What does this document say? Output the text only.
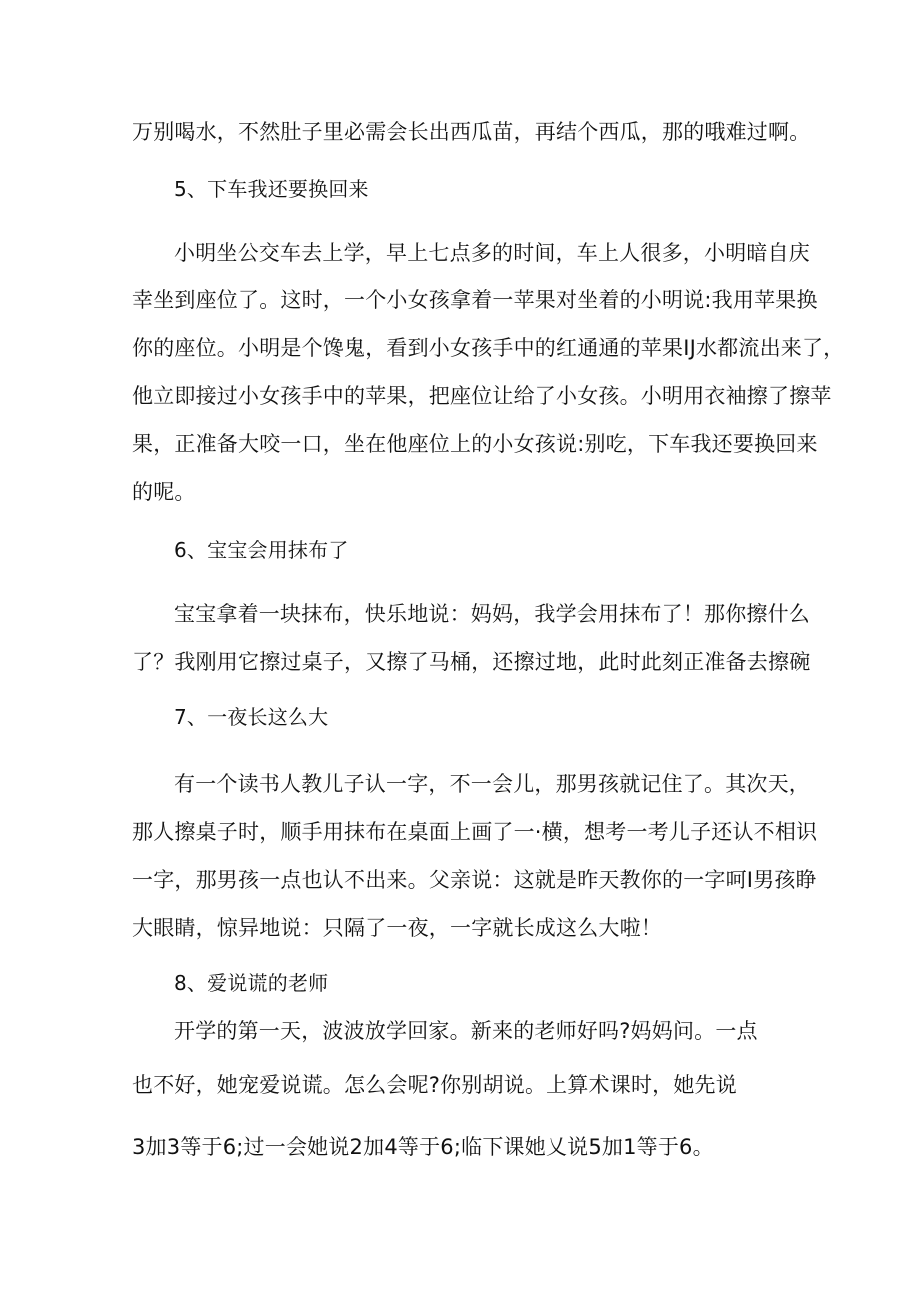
万别喝水，不然肚子里必需会长出西瓜苗，再结个西瓜，那的哦难过啊。
5、下车我还要换回来
小明坐公交车去上学，早上七点多的时间，车上人很多，小明暗自庆
幸坐到座位了。这时，一个小女孩拿着一苹果对坐着的小明说:我用苹果换
你的座位。小明是个馋鬼，看到小女孩手中的红通通的苹果IJ水都流出来了，
他立即接过小女孩手中的苹果，把座位让给了小女孩。小明用衣袖擦了擦苹
果，正准备大咬一口，坐在他座位上的小女孩说:别吃，下车我还要换回来
的呢。
6、宝宝会用抹布了
宝宝拿着一块抹布，快乐地说：妈妈，我学会用抹布了！那你擦什么
了？我刚用它擦过桌子，又擦了马桶，还擦过地，此时此刻正准备去擦碗
7、一夜长这么大
有一个读书人教儿子认一字，不一会儿，那男孩就记住了。其次天，
那人擦桌子时，顺手用抹布在桌面上画了一·横，想考一考儿子还认不相识
一字，那男孩一点也认不出来。父亲说：这就是昨天教你的一字呵I男孩睁
大眼睛，惊异地说：只隔了一夜，一字就长成这么大啦！
8、爱说谎的老师
开学的第一天，波波放学回家。新来的老师好吗?妈妈问。一点
也不好，她宠爱说谎。怎么会呢?你别胡说。上算术课时，她先说
3加3等于6;过一会她说2加4等于6;临下课她乂说5加1等于6。
